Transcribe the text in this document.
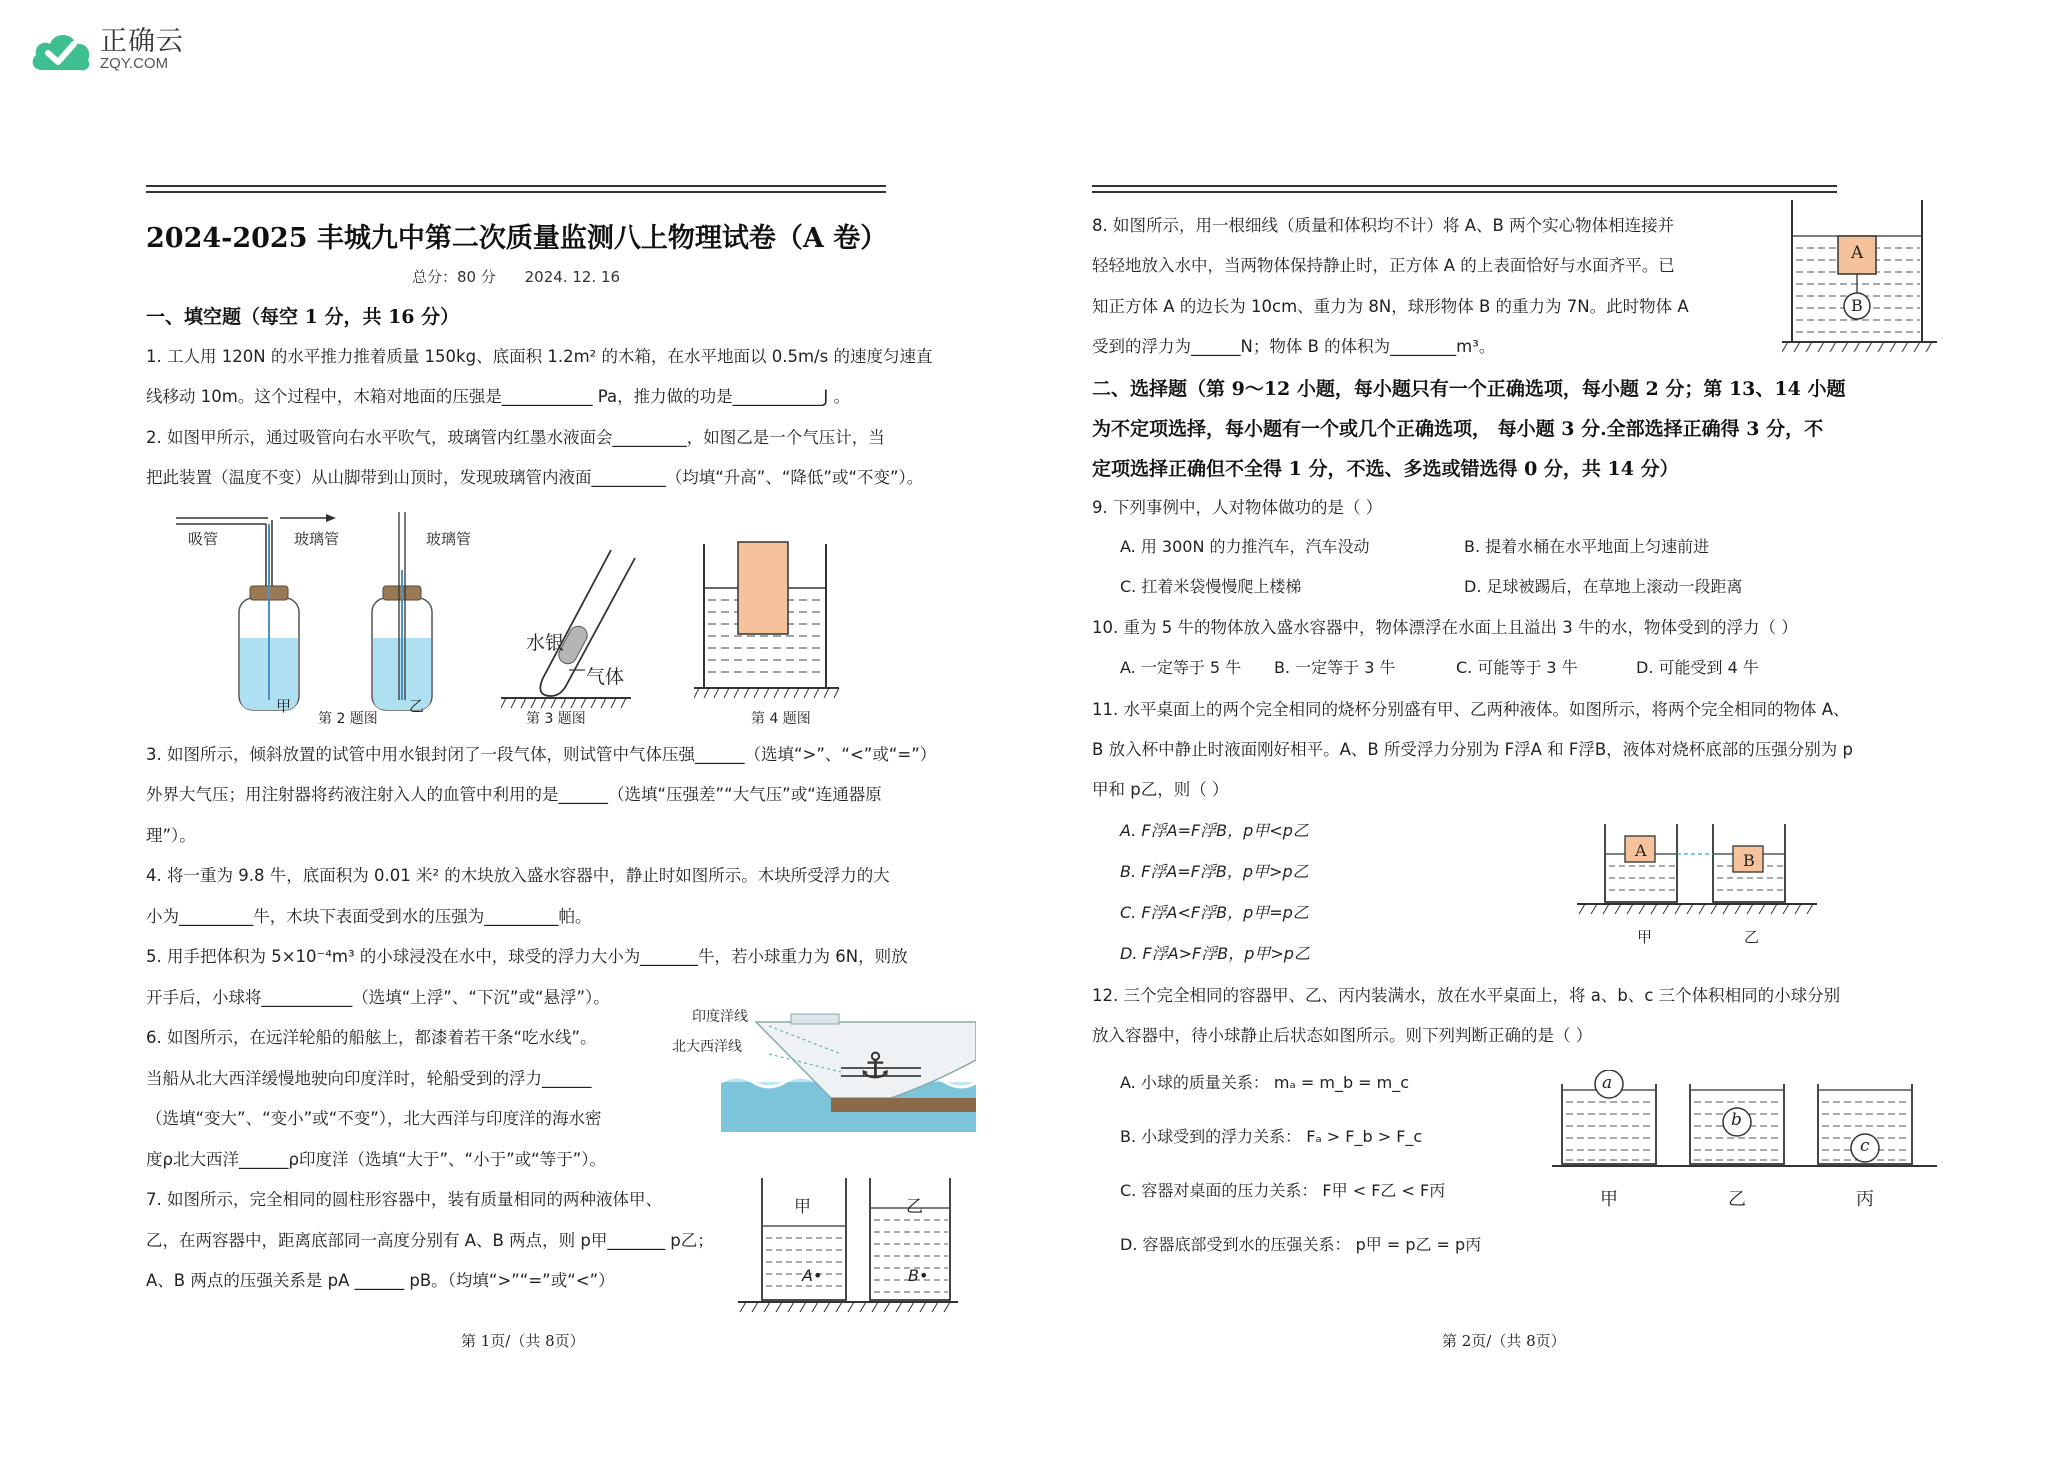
正确云
ZQY.COM
2024-2025 丰城九中第二次质量监测八上物理试卷（A 卷）
总分：80 分 2024. 12. 16
一、填空题（每空 1 分，共 16 分）
1. 工人用 120N 的水平推力推着质量 150kg、底面积 1.2m² 的木箱，在水平地面以 0.5m/s 的速度匀速直
线移动 10m。这个过程中，木箱对地面的压强是___________ Pa，推力做的功是___________J 。
2. 如图甲所示，通过吸管向右水平吹气，玻璃管内红墨水液面会_________，如图乙是一个气压计，当
把此装置（温度不变）从山脚带到山顶时，发现玻璃管内液面_________（均填“升高”、“降低”或“不变”）。
吸管	玻璃管	玻璃管
甲	乙
第 2 题图
水银
气体
第 3 题图	第 4 题图
3. 如图所示，倾斜放置的试管中用水银封闭了一段气体，则试管中气体压强______（选填“>”、“<”或“=”）
外界大气压；用注射器将药液注射入人的血管中利用的是______（选填“压强差”“大气压”或“连通器原
理”）。
4. 将一重为 9.8 牛，底面积为 0.01 米² 的木块放入盛水容器中，静止时如图所示。木块所受浮力的大
小为_________牛，木块下表面受到水的压强为_________帕。
5. 用手把体积为 5×10⁻⁴m³ 的小球浸没在水中，球受的浮力大小为_______牛，若小球重力为 6N，则放
开手后，小球将___________（选填“上浮”、“下沉”或“悬浮”）。
6. 如图所示，在远洋轮船的船舷上，都漆着若干条“吃水线”。
当船从北大西洋缓慢地驶向印度洋时，轮船受到的浮力______
（选填“变大”、“变小”或“不变”），北大西洋与印度洋的海水密
度ρ北大西洋______ρ印度洋（选填“大于”、“小于”或“等于”）。
⚓
印度洋线
北大西洋线
7. 如图所示，完全相同的圆柱形容器中，装有质量相同的两种液体甲、
乙，在两容器中，距离底部同一高度分别有 A、B 两点，则 p甲_______ p乙；
A、B 两点的压强关系是 pA ______ pB。（均填“>”“=”或“<”）
甲	乙
A•	B•
第 1页/（共 8页）
8. 如图所示，用一根细线（质量和体积均不计）将 A、B 两个实心物体相连接并
轻轻地放入水中，当两物体保持静止时，正方体 A 的上表面恰好与水面齐平。已
知正方体 A 的边长为 10cm、重力为 8N，球形物体 B 的重力为 7N。此时物体 A
受到的浮力为______N；物体 B 的体积为________m³。
A
B
二、选择题（第 9～12 小题，每小题只有一个正确选项，每小题 2 分；第 13、14 小题
为不定项选择，每小题有一个或几个正确选项， 每小题 3 分.全部选择正确得 3 分，不
定项选择正确但不全得 1 分，不选、多选或错选得 0 分，共 14 分）
9. 下列事例中，人对物体做功的是（ ）
A. 用 300N 的力推汽车，汽车没动	B. 提着水桶在水平地面上匀速前进
C. 扛着米袋慢慢爬上楼梯	D. 足球被踢后，在草地上滚动一段距离
10. 重为 5 牛的物体放入盛水容器中，物体漂浮在水面上且溢出 3 牛的水，物体受到的浮力（ ）
A. 一定等于 5 牛 B. 一定等于 3 牛	C. 可能等于 3 牛	D. 可能受到 4 牛
11. 水平桌面上的两个完全相同的烧杯分别盛有甲、乙两种液体。如图所示，将两个完全相同的物体 A、
B 放入杯中静止时液面刚好相平。A、B 所受浮力分别为 F浮A 和 F浮B，液体对烧杯底部的压强分别为 p
甲和 p乙，则（ ）
A. F浮A=F浮B，p甲<p乙
B. F浮A=F浮B，p甲>p乙
C. F浮A<F浮B，p甲=p乙
D. F浮A>F浮B，p甲>p乙
A
B
甲	乙
12. 三个完全相同的容器甲、乙、丙内装满水，放在水平桌面上，将 a、b、c 三个体积相同的小球分别
放入容器中，待小球静止后状态如图所示。则下列判断正确的是（ ）
A. 小球的质量关系： mₐ = m_b = m_c
B. 小球受到的浮力关系： Fₐ > F_b > F_c
C. 容器对桌面的压力关系： F甲 < F乙 < F丙
D. 容器底部受到水的压强关系： p甲 = p乙 = p丙
a
b
c
甲	乙	丙
第 2页/（共 8页）
